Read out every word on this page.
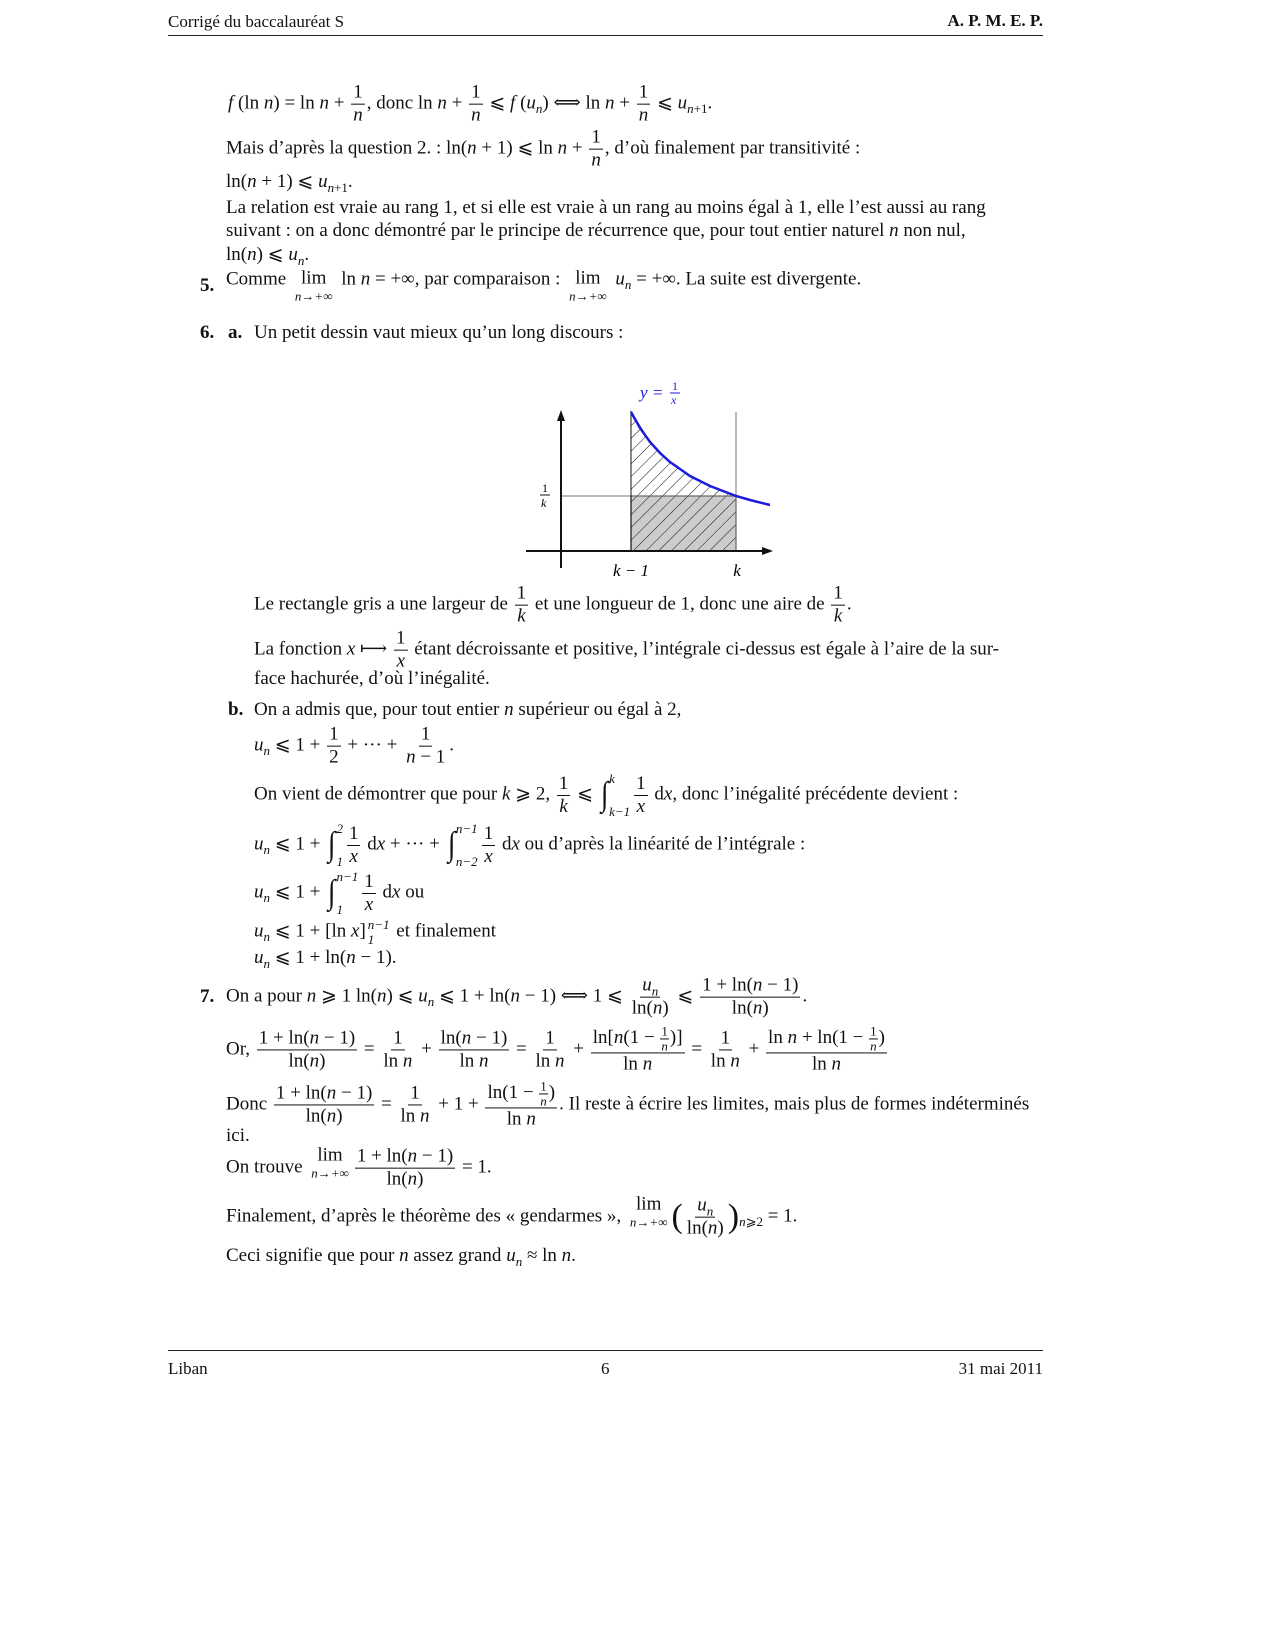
Corrigé du baccalauréat S	A. P. M. E. P.
5.
6. a.
b.
7.
f (ln $n) = \ln n + \frac{1}{n}$ , donc $\ln n + \frac{1}{n}$ ⩽ f $(u_n)$ ⟺ $\ln n + \frac{1}{n}$ ⩽ $u_{n+1}$.
Mais d’après la question 2. : ln(n + 1) ⩽ $\ln n + \frac{1}{n}$ , d’où finalement par transitivité :
ln(n + 1) ⩽ $u_{n+1}$.
La relation est vraie au rang 1, et si elle est vraie à un rang au moins égal à 1, elle l’est aussi au rang
suivant : on a donc démontré par le principe de récurrence que, pour tout entier naturel n non nul,
ln(n) ⩽ $u_n$.
Comme lim
n→+∞
ln n = +∞, par comparaison : lim
n→+∞
$u_n$ = +∞. La suite est divergente.
Un petit dessin vaut mieux qu’un long discours :
Le rectangle gris a une largeur de $\frac{1}{k}$ et une longueur de 1, donc une aire de $\frac{1}{k}$ .
La fonction x ⟼ $\frac{1}{x}$ étant décroissante et positive, l’intégrale ci-dessus est égale à l’aire de la sur-
face hachurée, d’où l’inégalité.
On a admis que, pour tout entier n supérieur ou égal à 2,
$u_n$ ⩽ $1 + \frac{1}{2}$ + ··· + $\frac{1}{n - 1}$ .
On vient de démontrer que pour k ⩾ 2, $\frac{1}{k}$ ⩽ ∫ k
$k-1 \frac{1}{x}$ dx, donc l’inégalité précédente devient :
$u_n$ ⩽ 1 + ∫ 2
$1 \frac{1}{x}$ dx + ··· + ∫ n−1
$n-2 \frac{1}{x}$ dx ou d’après la linéarité de l’intégrale :
$u_n$ ⩽ 1 + ∫ n−1
1	$\frac{1}{x}$ dx ou
$u_n$ ⩽ 1 + [ln x] n−1
1 et finalement
$u_n$ ⩽ 1 + ln(n − 1).
On a pour n ⩾ 1 ln(n) ⩽ $u_n$ ⩽ 1 + ln(n − 1) ⟺ 1 ⩽ $\frac{u_n}{\ln(n)}$ ⩽ $\frac{1 + \ln(n - 1)}{\ln(n)}$ .
Or, $\frac{1 + \ln(n - 1)}{\ln(n)} = \frac{1}{\text{ln n}} + \frac{\ln(n - 1)}{\text{ln n}} = \frac{1}{\text{ln n}} + \frac{\ln[n(1 - \frac{1}{n} )]}{\text{ln n}} = \frac{1}{\text{ln n}} + \frac{\ln n + \ln(1 - \frac{1}{n} )}{\text{ln n}}$
Donc $\frac{1 + \ln(n - 1)}{\ln(n)} = \frac{1}{\text{ln n}} + 1 + \frac{\ln(1 - \frac{1}{n} )}{\text{ln n}}$ . Il reste à écrire les limites, mais plus de formes indéterminés
ici.
On trouve
lim
$n\to+\infty \frac{1 + \ln(n - 1)}{\ln(n)} = 1$.
Finalement, d’après le théorème des « gendarmes »,
lim
n→+∞ ( $\frac{u_n}{\ln(n)} )_{n⩾2} = 1$.
Ceci signifie que pour n assez grand $u_n \approx \ln n$.
y = 1
x
1
k
k − 1	k
Liban	6	31 mai 2011
